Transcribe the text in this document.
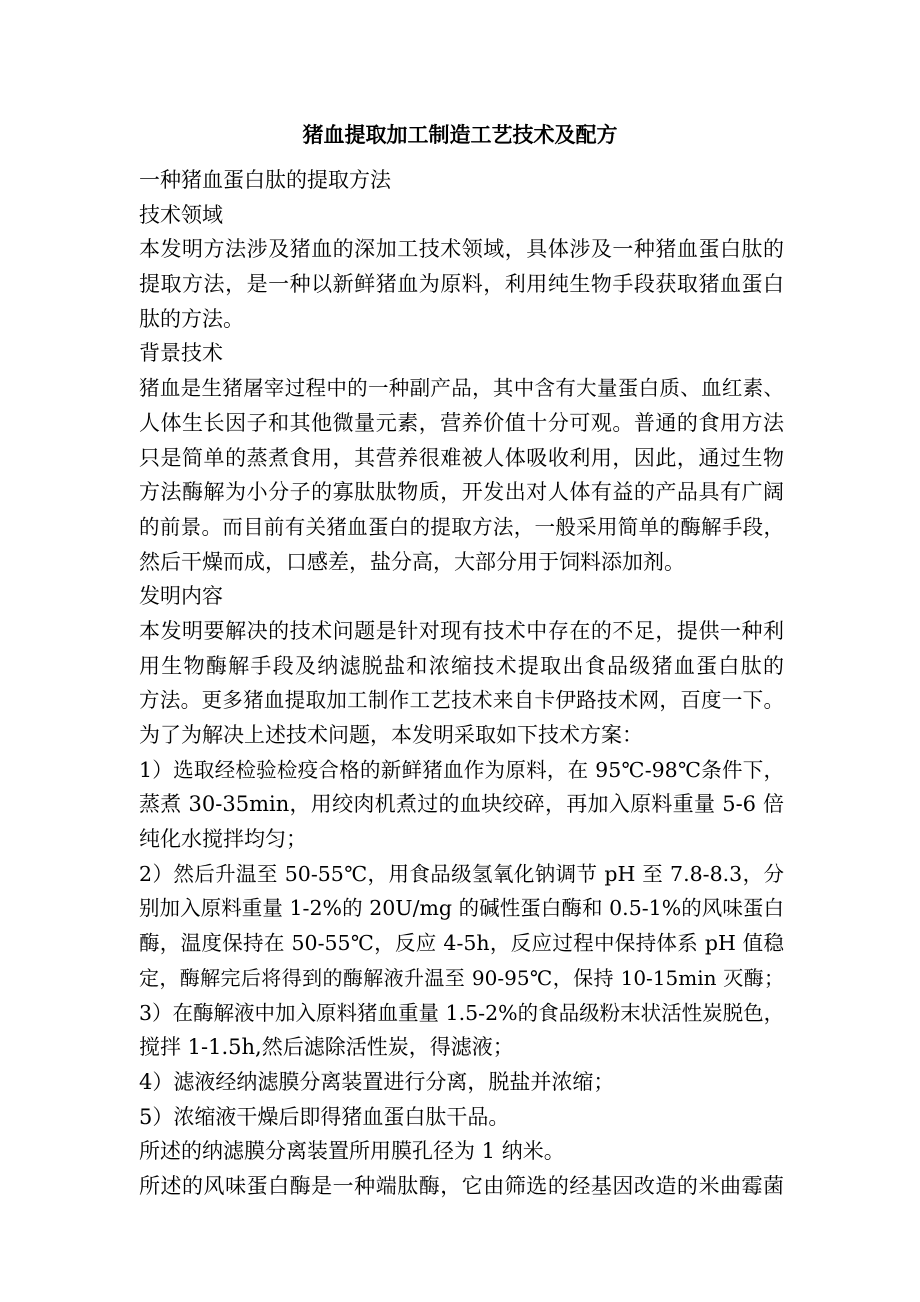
猪血提取加工制造工艺技术及配方
一种猪血蛋白肽的提取方法
技术领域
本发明方法涉及猪血的深加工技术领域，具体涉及一种猪血蛋白肽的
提取方法，是一种以新鲜猪血为原料，利用纯生物手段获取猪血蛋白
肽的方法。
背景技术
猪血是生猪屠宰过程中的一种副产品，其中含有大量蛋白质、血红素、
人体生长因子和其他微量元素，营养价值十分可观。普通的食用方法
只是简单的蒸煮食用，其营养很难被人体吸收利用，因此，通过生物
方法酶解为小分子的寡肽肽物质，开发出对人体有益的产品具有广阔
的前景。而目前有关猪血蛋白的提取方法，一般采用简单的酶解手段，
然后干燥而成，口感差，盐分高，大部分用于饲料添加剂。
发明内容
本发明要解决的技术问题是针对现有技术中存在的不足，提供一种利
用生物酶解手段及纳滤脱盐和浓缩技术提取出食品级猪血蛋白肽的
方法。更多猪血提取加工制作工艺技术来自卡伊路技术网，百度一下。
为了为解决上述技术问题，本发明采取如下技术方案：
1）选取经检验检疫合格的新鲜猪血作为原料，在 95℃-98℃条件下，
蒸煮 30-35min，用绞肉机煮过的血块绞碎，再加入原料重量 5-6 倍
纯化水搅拌均匀；
2）然后升温至 50-55℃，用食品级氢氧化钠调节 pH 至 7.8-8.3，分
别加入原料重量 1-2%的 20U/mg 的碱性蛋白酶和 0.5-1%的风味蛋白
酶，温度保持在 50-55℃，反应 4-5h，反应过程中保持体系 pH 值稳
定，酶解完后将得到的酶解液升温至 90-95℃，保持 10-15min 灭酶；
3）在酶解液中加入原料猪血重量 1.5-2%的食品级粉末状活性炭脱色，
搅拌 1-1.5h,然后滤除活性炭，得滤液；
4）滤液经纳滤膜分离装置进行分离，脱盐并浓缩；
5）浓缩液干燥后即得猪血蛋白肽干品。
所述的纳滤膜分离装置所用膜孔径为 1 纳米。
所述的风味蛋白酶是一种端肽酶，它由筛选的经基因改造的米曲霉菌
